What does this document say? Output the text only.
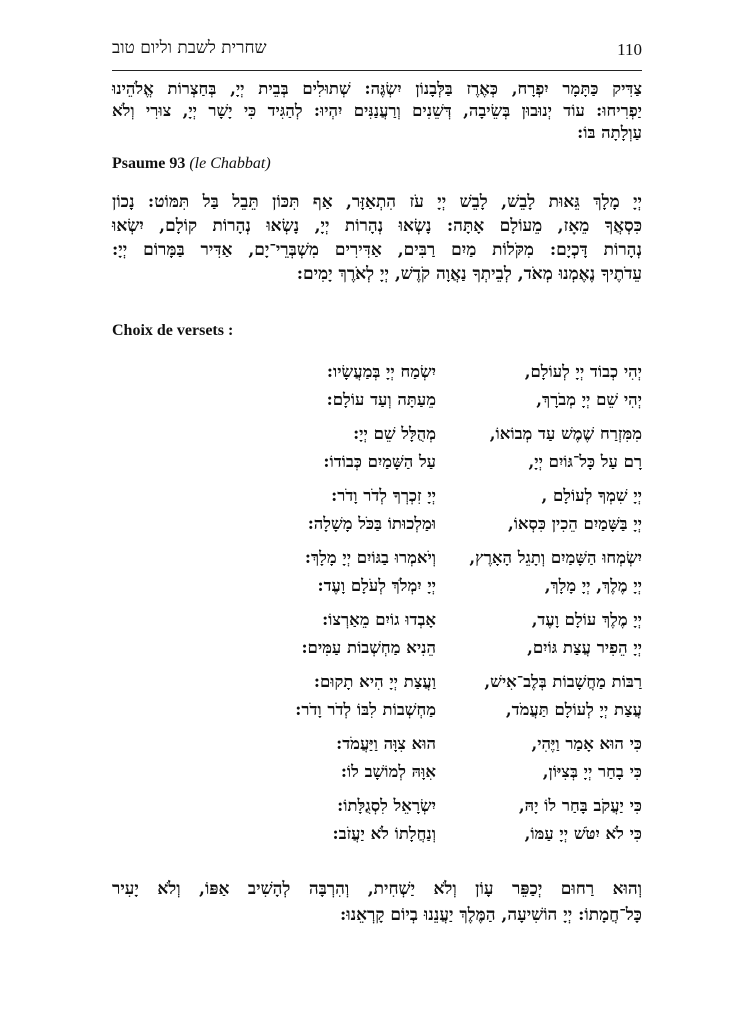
שחרית לשבת וליום טוב	110
צַדִּיק כַּתָּמָר יִפְרָח, כְּאֶרֶז בַּלְּבָנוֹן יִשְׂגֶּה: שְׁתוּלִים בְּבֵית יְיָ, בְּחַצְרוֹת אֱלֹהֵינוּ
יַפְרִיחוּ: עוֹד יְנוּבוּן בְּשֵׂיבָה, דְּשֵׁנִים וְרַעֲנַנִּים יִהְיוּ: לְהַגִּיד כִּי יָשָׁר יְיָ, צוּרִי וְלֹא
עַוְלָתָה בּוֹ:
Psaume 93 (le Chabbat)
יְיָ מָלָךְ גֵּאוּת לָבֵשׁ, לָבֵשׁ יְיָ עֹז הִתְאַזָּר, אַף תִּכּוֹן תֵּבֵל בַּל תִּמּוֹט: נָכוֹן
כִּסְאֲךָ מֵאָז, מֵעוֹלָם אָתָּה: נָשְׂאוּ נְהָרוֹת יְיָ, נָשְׂאוּ נְהָרוֹת קוֹלָם, יִשְׂאוּ
נְהָרוֹת דָּכְיָם: מִקֹּלוֹת מַיִם רַבִּים, אַדִּירִים מִשְׁבְּרֵי־יָם, אַדִּיר בַּמָּרוֹם יְיָ:
עֵדֹתֶיךָ נֶאֶמְנוּ מְאֹד, לְבֵיתְךָ נַאֲוָה קֹדֶשׁ, יְיָ לְאֹרֶךְ יָמִים:
Choix de versets :
יְהִי כְבוֹד יְיָ לְעוֹלָם,
יִשְׂמַח יְיָ בְּמַעֲשָׂיו:
יְהִי שֵׁם יְיָ מְבֹרָךְ,
מֵעַתָּה וְעַד עוֹלָם:
מִמִּזְרַח שֶׁמֶשׁ עַד מְבוֹאוֹ,
מְהֻלָּל שֵׁם יְיָ:
רָם עַל כָּל־גּוֹיִם יְיָ,
עַל הַשָּׁמַיִם כְּבוֹדוֹ:
יְיָ שִׁמְךָ לְעוֹלָם ,
יְיָ זִכְרְךָ לְדֹר וָדֹר:
יְיָ בַּשָּׁמַיִם הֵכִין כִּסְאוֹ,
וּמַלְכוּתוֹ בַּכֹּל מָשָׁלָה:
יִשְׂמְחוּ הַשָּׁמַיִם וְתָגֵל הָאָרֶץ,
וְיֹאמְרוּ בַגּוֹיִם יְיָ מָלָךְ:
יְיָ מֶלֶךְ, יְיָ מָלָךְ,
יְיָ יִמְלֹךְ לְעֹלָם וָעֶד:
יְיָ מֶלֶךְ עוֹלָם וָעֶד,
אָבְדוּ גוֹיִם מֵאַרְצוֹ:
יְיָ הֵפִיר עֲצַת גּוֹיִם,
הֵנִיא מַחְשְׁבוֹת עַמִּים:
רַבּוֹת מַחֲשָׁבוֹת בְּלֶב־אִישׁ,
וַעֲצַת יְיָ הִיא תָקוּם:
עֲצַת יְיָ לְעוֹלָם תַּעֲמֹד,
מַחְשְׁבוֹת לִבּוֹ לְדֹר וָדֹר:
כִּי הוּא אָמַר וַיֶּהִי,
הוּא צִוָּה וַיַּעֲמֹד:
כִּי בָחַר יְיָ בְּצִיּוֹן,
אִוָּהּ לְמוֹשָׁב לוֹ:
כִּי יַעֲקֹב בָּחַר לוֹ יָהּ,
יִשְׂרָאֵל לִסְגֻלָּתוֹ:
כִּי לֹא יִטֹּשׁ יְיָ עַמּוֹ,
וְנַחֲלָתוֹ לֹא יַעֲזֹב:
וְהוּא רַחוּם יְכַפֵּר עָוֹן וְלֹא יַשְׁחִית, וְהִרְבָּה לְהָשִׁיב אַפּוֹ, וְלֹא יָעִיר
כָּל־חֲמָתוֹ: יְיָ הוֹשִׁיעָה, הַמֶּלֶךְ יַעֲנֵנוּ בְיוֹם קָרְאֵנוּ:
